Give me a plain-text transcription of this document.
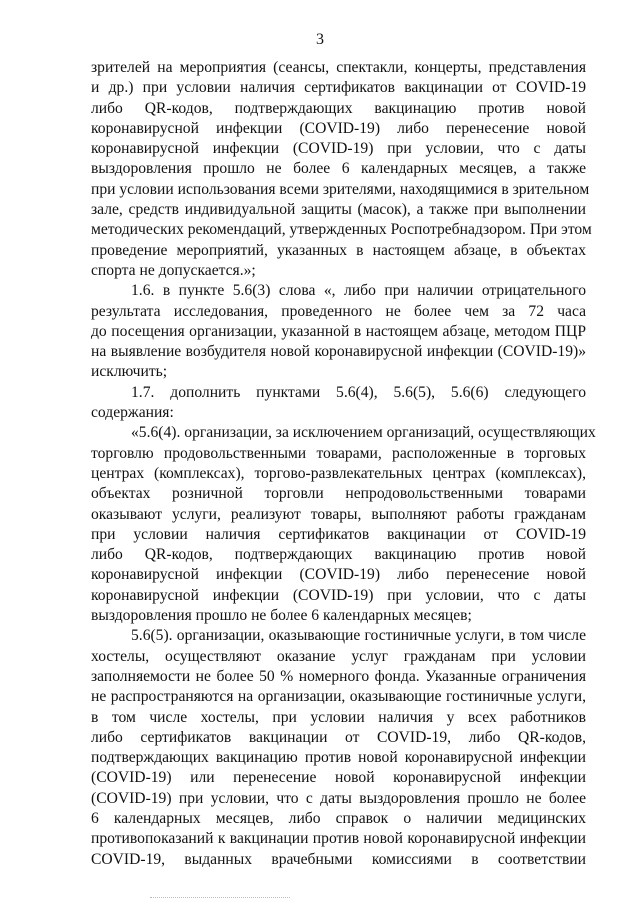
3
зрителей на мероприятия (сеансы, спектакли, концерты, представления
и др.) при условии наличия сертификатов вакцинации от COVID-19
либо QR-кодов, подтверждающих вакцинацию против новой
коронавирусной инфекции (COVID-19) либо перенесение новой
коронавирусной инфекции (COVID-19) при условии, что с даты
выздоровления прошло не более 6 календарных месяцев, а также
при условии использования всеми зрителями, находящимися в зрительном
зале, средств индивидуальной защиты (масок), а также при выполнении
методических рекомендаций, утвержденных Роспотребнадзором. При этом
проведение мероприятий, указанных в настоящем абзаце, в объектах
спорта не допускается.»;
1.6. в пункте 5.6(3) слова «, либо при наличии отрицательного
результата исследования, проведенного не более чем за 72 часа
до посещения организации, указанной в настоящем абзаце, методом ПЦР
на выявление возбудителя новой коронавирусной инфекции (COVID-19)»
исключить;
1.7. дополнить пунктами 5.6(4), 5.6(5), 5.6(6) следующего
содержания:
«5.6(4). организации, за исключением организаций, осуществляющих
торговлю продовольственными товарами, расположенные в торговых
центрах (комплексах), торгово-развлекательных центрах (комплексах),
объектах розничной торговли непродовольственными товарами
оказывают услуги, реализуют товары, выполняют работы гражданам
при условии наличия сертификатов вакцинации от COVID-19
либо QR-кодов, подтверждающих вакцинацию против новой
коронавирусной инфекции (COVID-19) либо перенесение новой
коронавирусной инфекции (COVID-19) при условии, что с даты
выздоровления прошло не более 6 календарных месяцев;
5.6(5). организации, оказывающие гостиничные услуги, в том числе
хостелы, осуществляют оказание услуг гражданам при условии
заполняемости не более 50 % номерного фонда. Указанные ограничения
не распространяются на организации, оказывающие гостиничные услуги,
в том числе хостелы, при условии наличия у всех работников
либо сертификатов вакцинации от COVID-19, либо QR-кодов,
подтверждающих вакцинацию против новой коронавирусной инфекции
(COVID-19) или перенесение новой коронавирусной инфекции
(COVID-19) при условии, что с даты выздоровления прошло не более
6 календарных месяцев, либо справок о наличии медицинских
противопоказаний к вакцинации против новой коронавирусной инфекции
COVID-19, выданных врачебными комиссиями в соответствии
